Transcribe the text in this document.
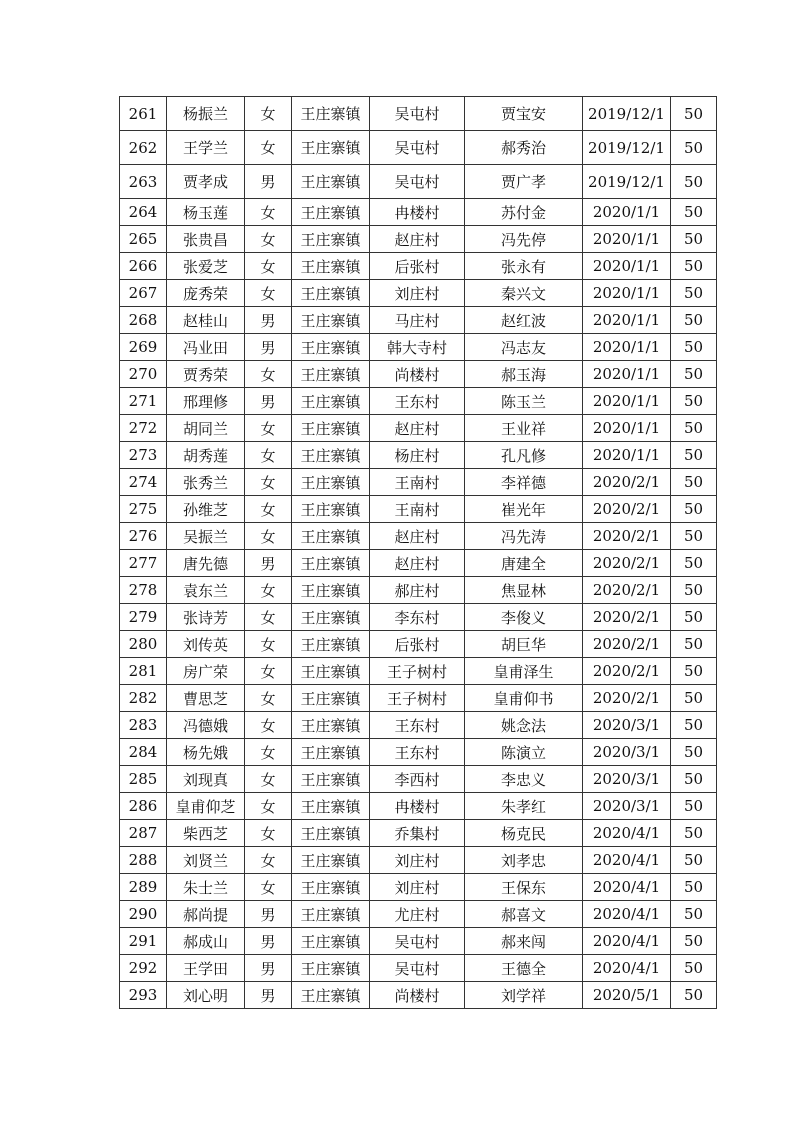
261	杨振兰	女	王庄寨镇	吴屯村	贾宝安	2019/12/1	50
262	王学兰	女	王庄寨镇	吴屯村	郝秀治	2019/12/1	50
263	贾孝成	男	王庄寨镇	吴屯村	贾广孝	2019/12/1	50
264	杨玉莲	女	王庄寨镇	冉楼村	苏付金	2020/1/1	50
265	张贵昌	女	王庄寨镇	赵庄村	冯先停	2020/1/1	50
266	张爱芝	女	王庄寨镇	后张村	张永有	2020/1/1	50
267	庞秀荣	女	王庄寨镇	刘庄村	秦兴文	2020/1/1	50
268	赵桂山	男	王庄寨镇	马庄村	赵红波	2020/1/1	50
269	冯业田	男	王庄寨镇	韩大寺村	冯志友	2020/1/1	50
270	贾秀荣	女	王庄寨镇	尚楼村	郝玉海	2020/1/1	50
271	邢理修	男	王庄寨镇	王东村	陈玉兰	2020/1/1	50
272	胡同兰	女	王庄寨镇	赵庄村	王业祥	2020/1/1	50
273	胡秀莲	女	王庄寨镇	杨庄村	孔凡修	2020/1/1	50
274	张秀兰	女	王庄寨镇	王南村	李祥德	2020/2/1	50
275	孙维芝	女	王庄寨镇	王南村	崔光年	2020/2/1	50
276	吴振兰	女	王庄寨镇	赵庄村	冯先涛	2020/2/1	50
277	唐先德	男	王庄寨镇	赵庄村	唐建全	2020/2/1	50
278	袁东兰	女	王庄寨镇	郝庄村	焦显林	2020/2/1	50
279	张诗芳	女	王庄寨镇	李东村	李俊义	2020/2/1	50
280	刘传英	女	王庄寨镇	后张村	胡巨华	2020/2/1	50
281	房广荣	女	王庄寨镇	王子树村	皇甫泽生	2020/2/1	50
282	曹思芝	女	王庄寨镇	王子树村	皇甫仰书	2020/2/1	50
283	冯德娥	女	王庄寨镇	王东村	姚念法	2020/3/1	50
284	杨先娥	女	王庄寨镇	王东村	陈演立	2020/3/1	50
285	刘现真	女	王庄寨镇	李西村	李忠义	2020/3/1	50
286	皇甫仰芝	女	王庄寨镇	冉楼村	朱孝红	2020/3/1	50
287	柴西芝	女	王庄寨镇	乔集村	杨克民	2020/4/1	50
288	刘贤兰	女	王庄寨镇	刘庄村	刘孝忠	2020/4/1	50
289	朱士兰	女	王庄寨镇	刘庄村	王保东	2020/4/1	50
290	郝尚提	男	王庄寨镇	尤庄村	郝喜文	2020/4/1	50
291	郝成山	男	王庄寨镇	吴屯村	郝来闯	2020/4/1	50
292	王学田	男	王庄寨镇	吴屯村	王德全	2020/4/1	50
293	刘心明	男	王庄寨镇	尚楼村	刘学祥	2020/5/1	50
